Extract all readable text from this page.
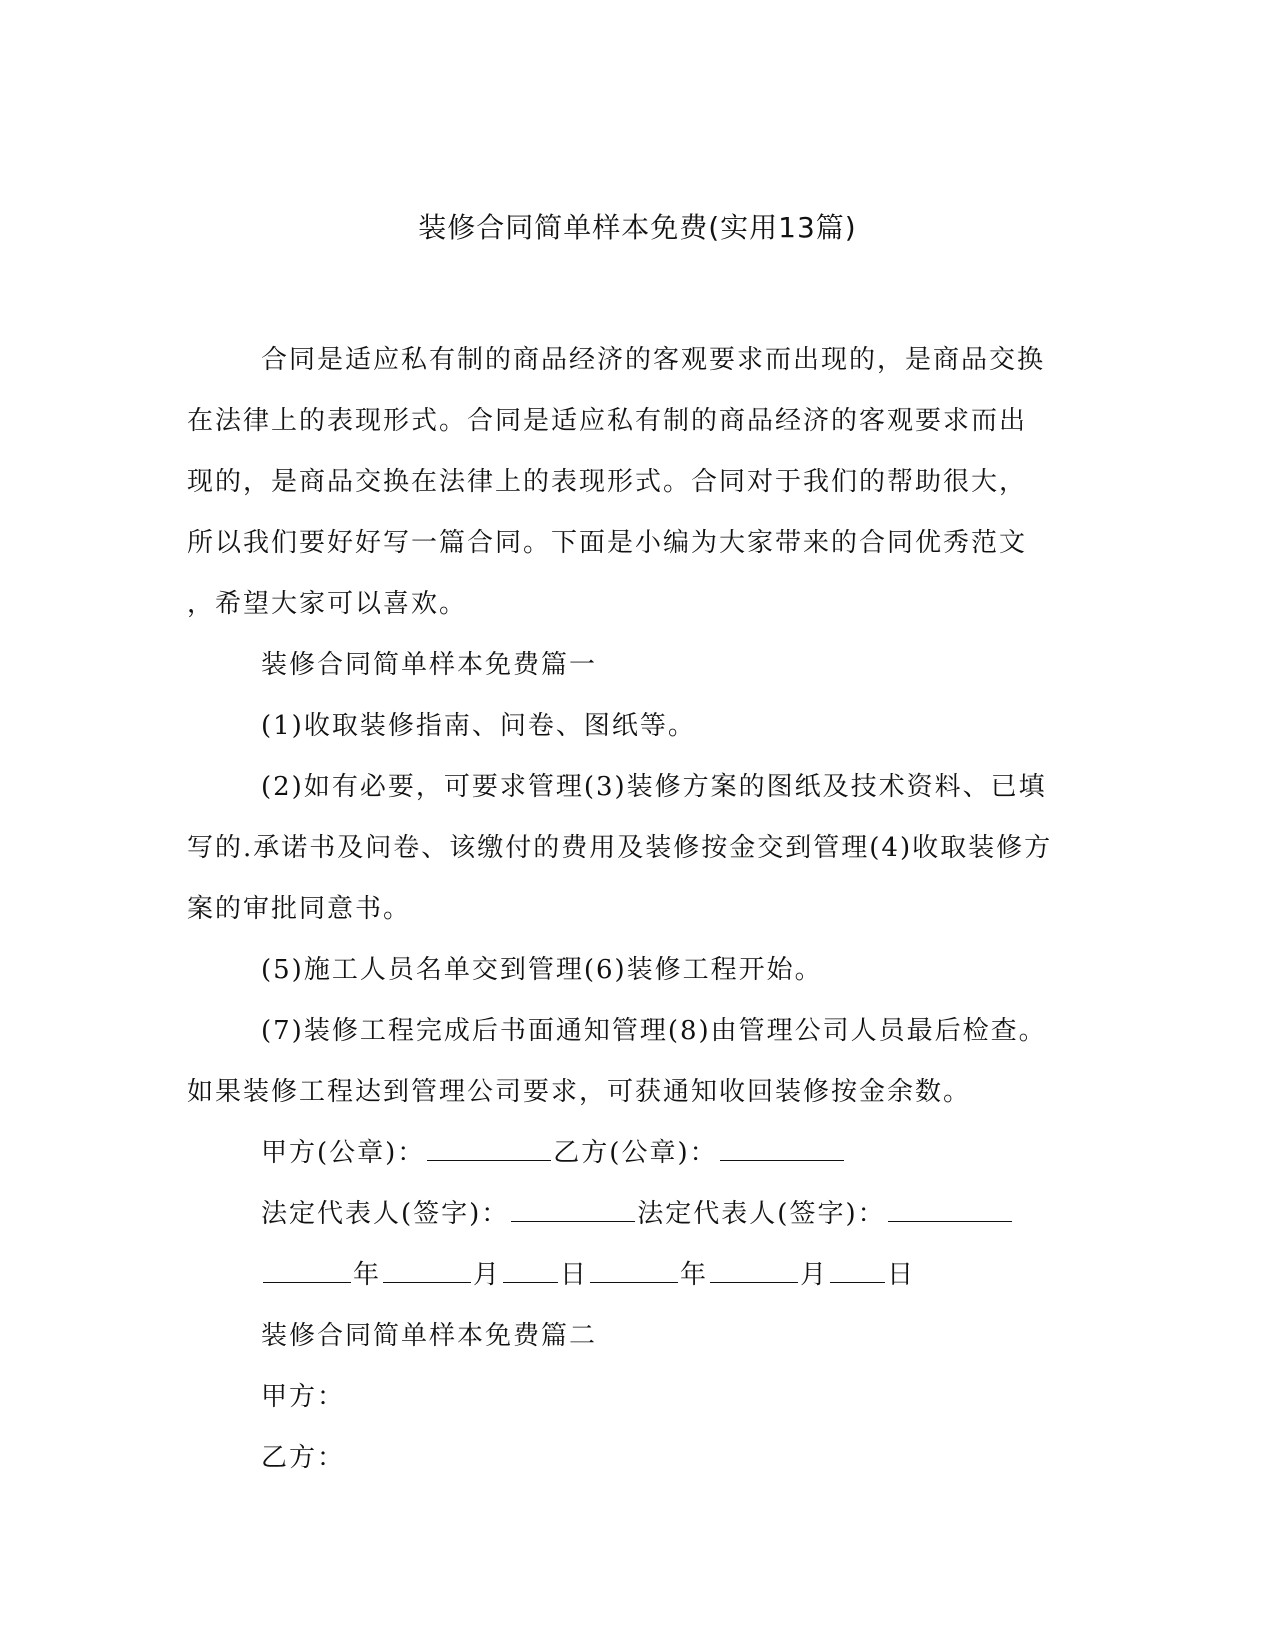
装修合同简单样本免费(实用13篇)

合同是适应私有制的商品经济的客观要求而出现的，是商品交换

在法律上的表现形式。合同是适应私有制的商品经济的客观要求而出

现的，是商品交换在法律上的表现形式。合同对于我们的帮助很大，

所以我们要好好写一篇合同。下面是小编为大家带来的合同优秀范文

，希望大家可以喜欢。

装修合同简单样本免费篇一

(1)收取装修指南、问卷、图纸等。

(2)如有必要，可要求管理(3)装修方案的图纸及技术资料、已填

写的.承诺书及问卷、该缴付的费用及装修按金交到管理(4)收取装修方

案的审批同意书。

(5)施工人员名单交到管理(6)装修工程开始。

(7)装修工程完成后书面通知管理(8)由管理公司人员最后检查。

如果装修工程达到管理公司要求，可获通知收回装修按金余数。

甲方(公章)：	乙方(公章)：

法定代表人(签字)：	法定代表人(签字)：

年	月 日	年	月 日

装修合同简单样本免费篇二

甲方：

乙方：
